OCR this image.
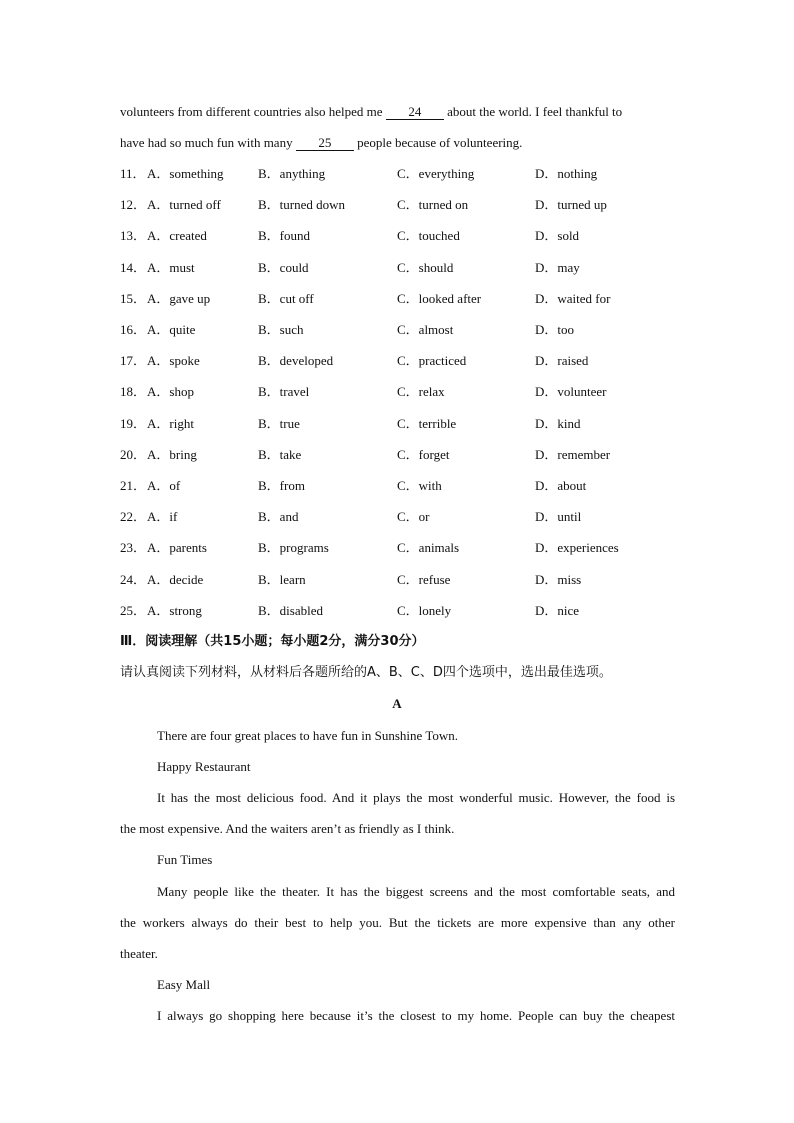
volunteers from different countries also helped me 24 about the world. I feel thankful to
have had so much fun with many 25 people because of volunteering.
11． A．something	B．anything	C．everything	D．nothing
12． A．turned off	B．turned down	C．turned on	D．turned up
13． A．created	B．found	C．touched	D．sold
14． A．must	B．could	C．should	D．may
15． A．gave up	B．cut off	C．looked after	D．waited for
16． A．quite	B．such	C．almost	D．too
17． A．spoke	B．developed	C．practiced	D．raised
18． A．shop	B．travel	C．relax	D．volunteer
19． A．right	B．true	C．terrible	D．kind
20． A．bring	B．take	C．forget	D．remember
21． A．of	B．from	C．with	D．about
22． A．if	B．and	C．or	D．until
23． A．parents	B．programs	C．animals	D．experiences
24． A．decide	B．learn	C．refuse	D．miss
25． A．strong	B．disabled	C．lonely	D．nice
Ⅲ．阅读理解（共15小题；每小题2分，满分30分）
请认真阅读下列材料，从材料后各题所给的A、B、C、D四个选项中，选出最佳选项。
A
There are four great places to have fun in Sunshine Town.
Happy Restaurant
It has the most delicious food. And it plays the most wonderful music. However, the food is
the most expensive. And the waiters aren’t as friendly as I think.
Fun Times
Many people like the theater. It has the biggest screens and the most comfortable seats, and
the workers always do their best to help you. But the tickets are more expensive than any other
theater.
Easy Mall
I always go shopping here because it’s the closest to my home. People can buy the cheapest
